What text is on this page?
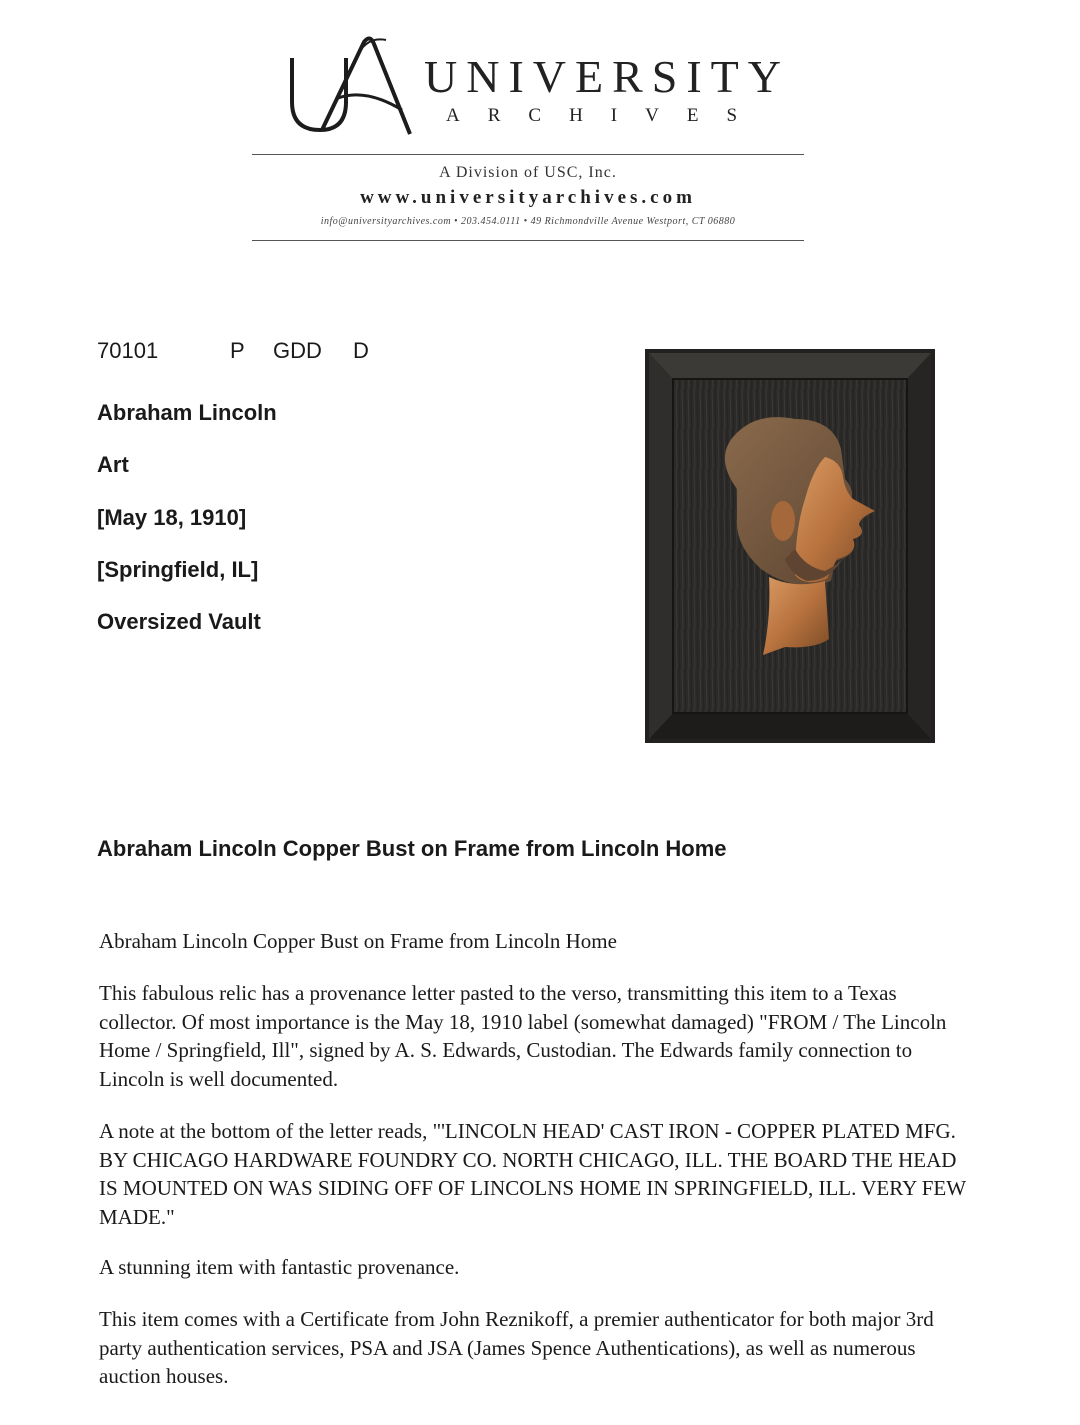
UNIVERSITY
ARCHIVES
A Division of USC, Inc.
www.universityarchives.com
info@universityarchives.com • 203.454.0111 • 49 Richmondville Avenue Westport, CT 06880
70101	P GDD D
Abraham Lincoln
Art
[May 18, 1910]
[Springfield, IL]
Oversized Vault
Abraham Lincoln Copper Bust on Frame from Lincoln Home

Abraham Lincoln Copper Bust on Frame from Lincoln Home

This fabulous relic has a provenance letter pasted to the verso, transmitting this item to a Texas collector. Of most importance is the May 18, 1910 label (somewhat damaged) "FROM / The Lincoln Home / Springfield, Ill", signed by A. S. Edwards, Custodian. The Edwards family connection to Lincoln is well documented.

A note at the bottom of the letter reads, "'LINCOLN HEAD' CAST IRON - COPPER PLATED MFG. BY CHICAGO HARDWARE FOUNDRY CO. NORTH CHICAGO, ILL. THE BOARD THE HEAD IS MOUNTED ON WAS SIDING OFF OF LINCOLNS HOME IN SPRINGFIELD, ILL. VERY FEW MADE."

A stunning item with fantastic provenance.

This item comes with a Certificate from John Reznikoff, a premier authenticator for both major 3rd party authentication services, PSA and JSA (James Spence Authentications), as well as numerous auction houses.
